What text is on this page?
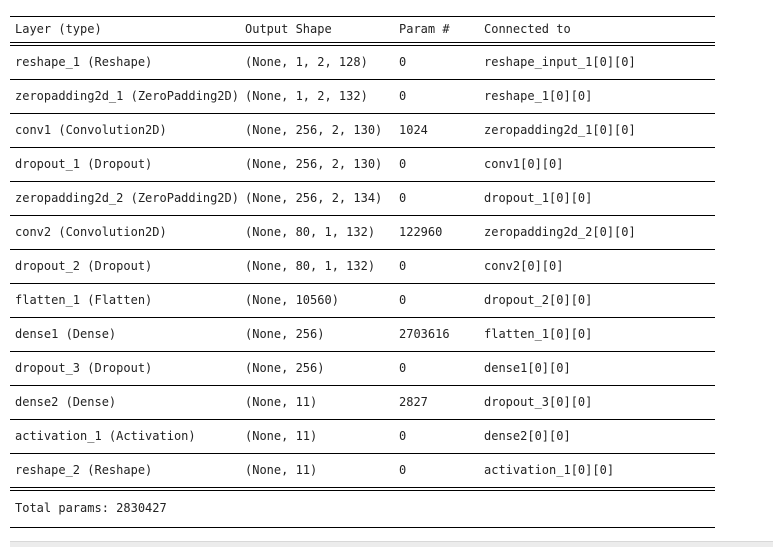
Layer (type)	Output Shape	Param #	Connected to
reshape_1 (Reshape)	(None, 1, 2, 128)	0	reshape_input_1[0][0]
zeropadding2d_1 (ZeroPadding2D) (None, 1, 2, 132)	0	reshape_1[0][0]
conv1 (Convolution2D)	(None, 256, 2, 130) 1024	zeropadding2d_1[0][0]
dropout_1 (Dropout)	(None, 256, 2, 130) 0	conv1[0][0]
zeropadding2d_2 (ZeroPadding2D) (None, 256, 2, 134) 0	dropout_1[0][0]
conv2 (Convolution2D)	(None, 80, 1, 132) 122960	zeropadding2d_2[0][0]
dropout_2 (Dropout)	(None, 80, 1, 132) 0	conv2[0][0]
flatten_1 (Flatten)	(None, 10560)	0	dropout_2[0][0]
dense1 (Dense)	(None, 256)	2703616	flatten_1[0][0]
dropout_3 (Dropout)	(None, 256)	0	dense1[0][0]
dense2 (Dense)	(None, 11)	2827	dropout_3[0][0]
activation_1 (Activation)	(None, 11)	0	dense2[0][0]
reshape_2 (Reshape)	(None, 11)	0	activation_1[0][0]
Total params: 2830427
